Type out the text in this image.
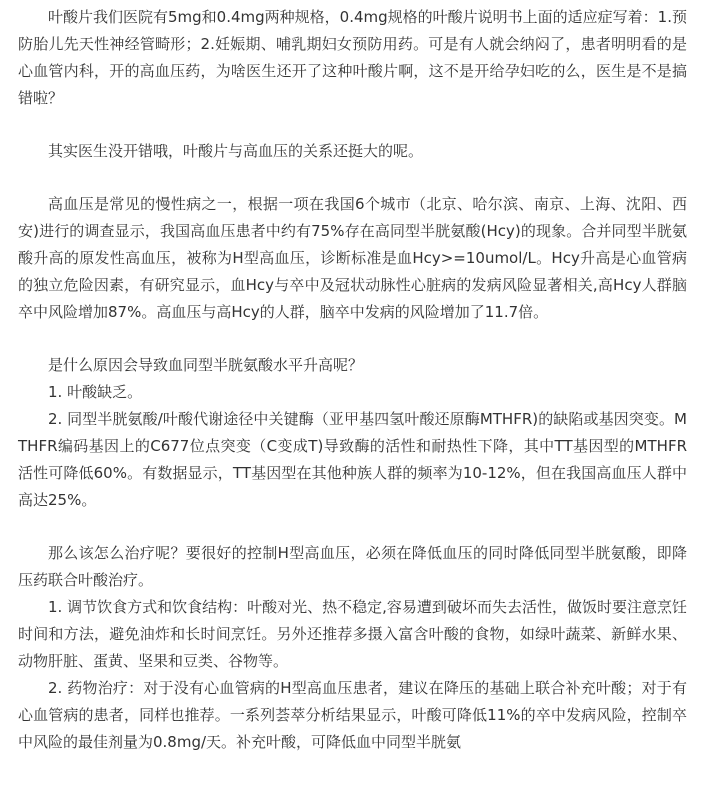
叶酸片我们医院有5mg和0.4mg两种规格，0.4mg规格的叶酸片说明书上面的适应症写着：1.预防胎儿先天性神经管畸形；2.妊娠期、哺乳期妇女预防用药。可是有人就会纳闷了，患者明明看的是心血管内科，开的高血压药，为啥医生还开了这种叶酸片啊，这不是开给孕妇吃的么，医生是不是搞错啦？

其实医生没开错哦，叶酸片与高血压的关系还挺大的呢。

高血压是常见的慢性病之一，根据一项在我国6个城市（北京、哈尔滨、南京、上海、沈阳、西安)进行的调查显示，我国高血压患者中约有75%存在高同型半胱氨酸(Hcy)的现象。合并同型半胱氨酸升高的原发性高血压，被称为H型高血压，诊断标准是血Hcy>=10umol/L。Hcy升高是心血管病的独立危险因素，有研究显示，血Hcy与卒中及冠状动脉性心脏病的发病风险显著相关,高Hcy人群脑卒中风险增加87%。高血压与高Hcy的人群，脑卒中发病的风险增加了11.7倍。

是什么原因会导致血同型半胱氨酸水平升高呢？

1. 叶酸缺乏。

2. 同型半胱氨酸/叶酸代谢途径中关键酶（亚甲基四氢叶酸还原酶MTHFR)的缺陷或基因突变。MTHFR编码基因上的C677位点突变（C变成T)导致酶的活性和耐热性下降，其中TT基因型的MTHFR活性可降低60%。有数据显示，TT基因型在其他种族人群的频率为10-12%，但在我国高血压人群中高达25%。

那么该怎么治疗呢？要很好的控制H型高血压，必须在降低血压的同时降低同型半胱氨酸，即降压药联合叶酸治疗。

1. 调节饮食方式和饮食结构：叶酸对光、热不稳定,容易遭到破坏而失去活性，做饭时要注意烹饪时间和方法，避免油炸和长时间烹饪。另外还推荐多摄入富含叶酸的食物，如绿叶蔬菜、新鲜水果、动物肝脏、蛋黄、坚果和豆类、谷物等。

2. 药物治疗：对于没有心血管病的H型高血压患者，建议在降压的基础上联合补充叶酸；对于有心血管病的患者，同样也推荐。一系列荟萃分析结果显示，叶酸可降低11%的卒中发病风险，控制卒中风险的最佳剂量为0.8mg/天。补充叶酸，可降低血中同型半胱氨
